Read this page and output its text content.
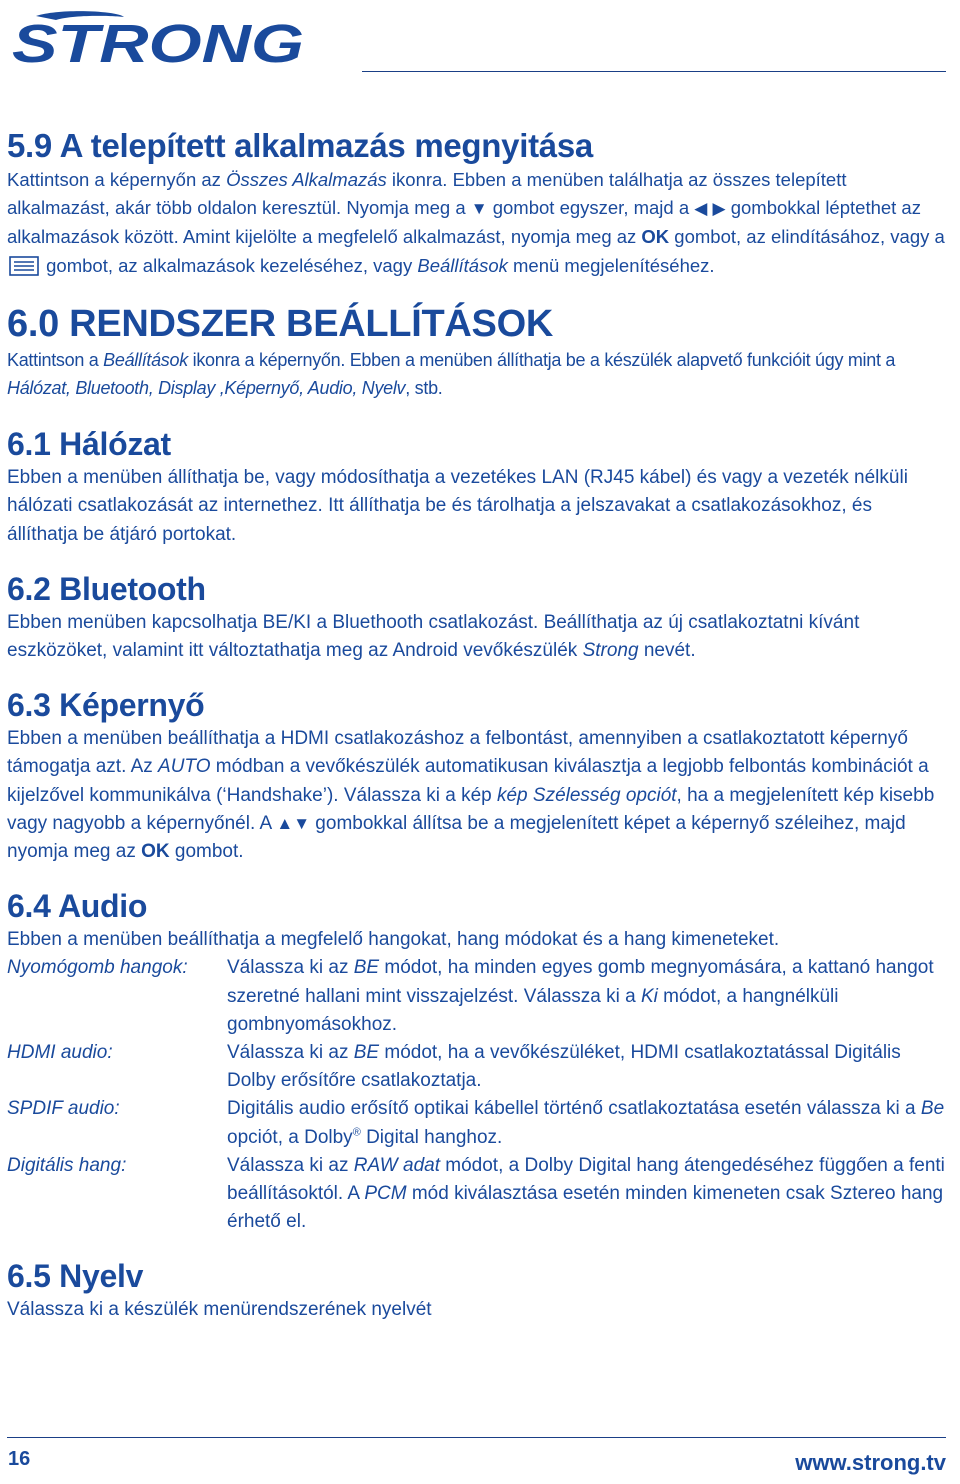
STRONG
5.9 A telepített alkalmazás megnyitása

Kattintson a képernyőn az Összes Alkalmazás ikonra. Ebben a menüben találhatja az összes telepített alkalmazást, akár több oldalon keresztül. Nyomja meg a ▼ gombot egyszer, majd a ◀ ▶ gombokkal léptethet az alkalmazások között. Amint kijelölte a megfelelő alkalmazást, nyomja meg az OK gombot, az elindításához, vagy a
gombot, az alkalmazások kezeléséhez, vagy Beállítások menü megjelenítéséhez.

6.0 RENDSZER BEÁLLÍTÁSOK

Kattintson a Beállítások ikonra a képernyőn. Ebben a menüben állíthatja be a készülék alapvető funkcióit úgy mint a Hálózat, Bluetooth, Display ,Képernyő, Audio, Nyelv, stb.

6.1 Hálózat

Ebben a menüben állíthatja be, vagy módosíthatja a vezetékes LAN (RJ45 kábel) és vagy a vezeték nélküli hálózati csatlakozását az internethez. Itt állíthatja be és tárolhatja a jelszavakat a csatlakozásokhoz, és állíthatja be átjáró portokat.

6.2 Bluetooth

Ebben menüben kapcsolhatja BE/KI a Bluethooth csatlakozást. Beállíthatja az új csatlakoztatni kívánt eszközöket, valamint itt változtathatja meg az Android vevőkészülék Strong nevét.

6.3 Képernyő

Ebben a menüben beállíthatja a HDMI csatlakozáshoz a felbontást, amennyiben a csatlakoztatott képernyő támogatja azt. Az AUTO módban a vevőkészülék automatikusan kiválasztja a legjobb felbontás kombinációt a kijelzővel kommunikálva (‘Handshake’). Válassza ki a kép kép Szélesség opciót, ha a megjelenített kép kisebb vagy nagyobb a képernyőnél. A ▲▼ gombokkal állítsa be a megjelenített képet a képernyő széleihez, majd nyomja meg az OK gombot.

6.4 Audio

Ebben a menüben beállíthatja a megfelelő hangokat, hang módokat és a hang kimeneteket.

Nyomógomb hangok:	Válassza ki az BE módot, ha minden egyes gomb megnyomására, a kattanó hangot szeretné hallani mint visszajelzést. Válassza ki a Ki módot, a hangnélküli gombnyomásokhoz.
HDMI audio:	Válassza ki az BE módot, ha a vevőkészüléket, HDMI csatlakoztatással Digitális Dolby erősítőre csatlakoztatja.
SPDIF audio:	Digitális audio erősítő optikai kábellel történő csatlakoztatása esetén válassza ki a Be opciót, a Dolby® Digital hanghoz.
Digitális hang:	Válassza ki az RAW adat módot, a Dolby Digital hang átengedéséhez függően a fenti beállításoktól. A PCM mód kiválasztása esetén minden kimeneten csak Sztereo hang érhető el.
6.5 Nyelv

Válassza ki a készülék menürendszerének nyelvét

16	www.strong.tv
